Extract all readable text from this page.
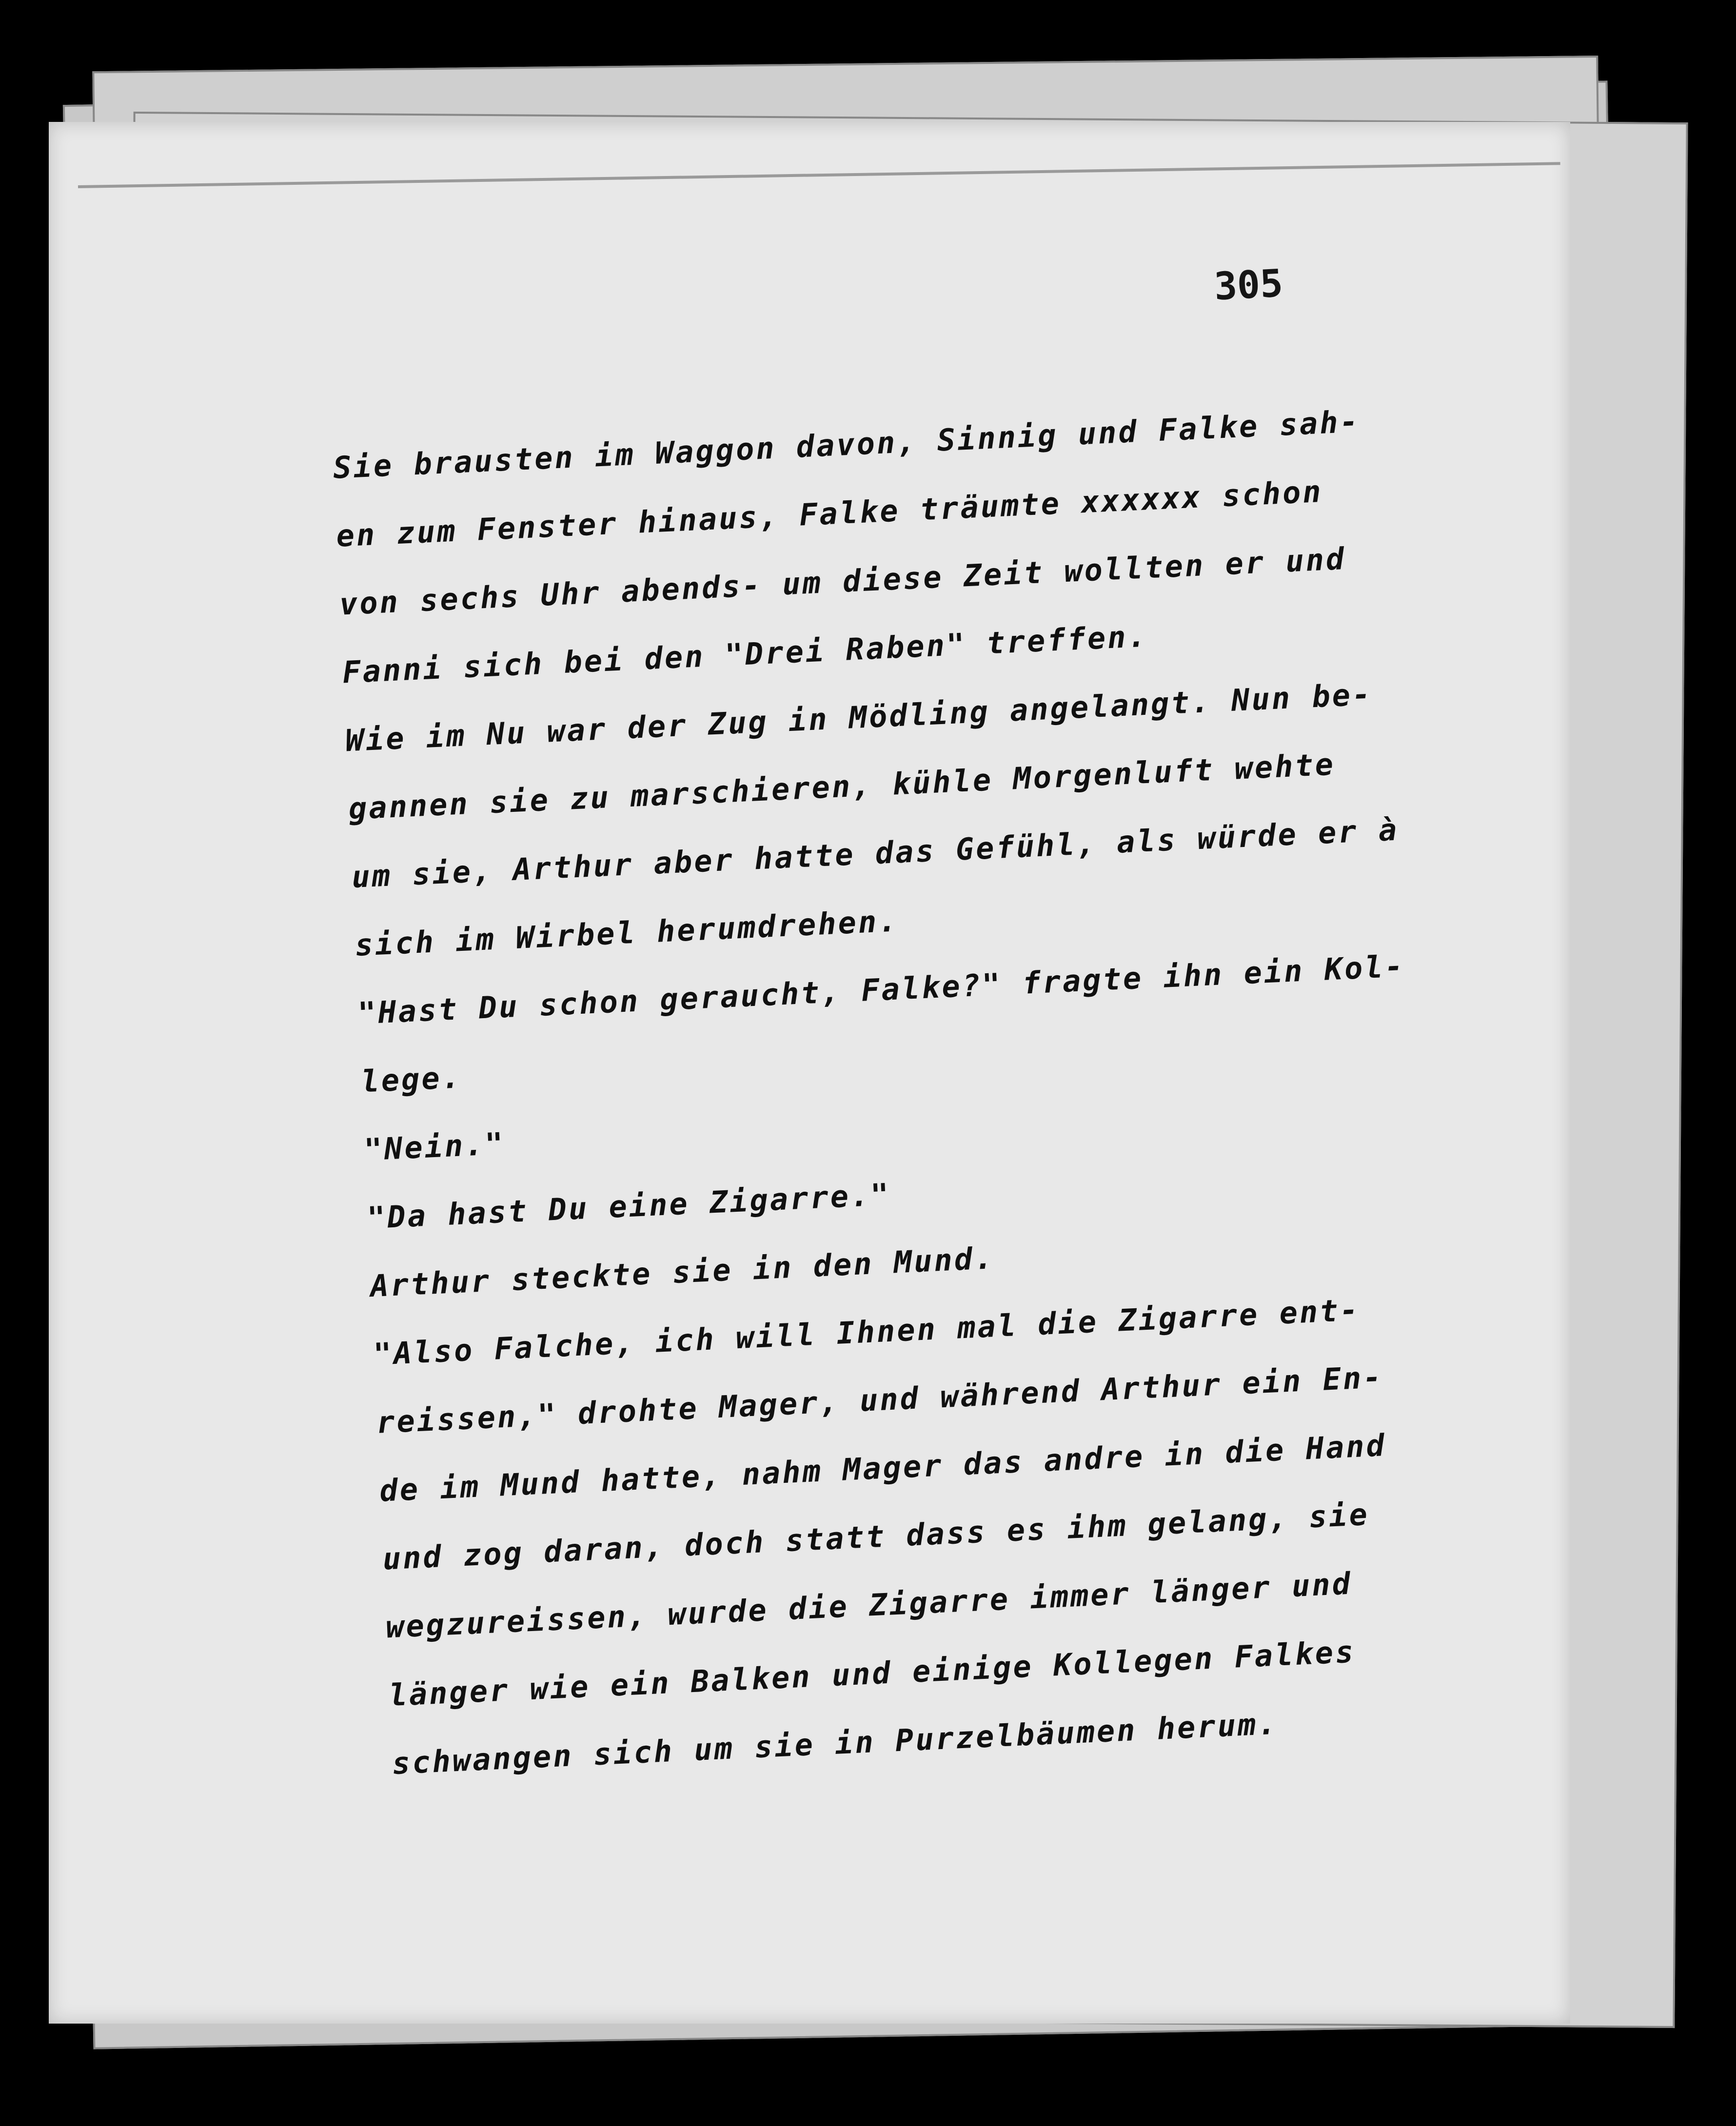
305
Sie brausten im Waggon davon, Sinnig und Falke sah-
en zum Fenster hinaus, Falke träumte xxxxxx schon
von sechs Uhr abends- um diese Zeit wollten er und
Fanni sich bei den "Drei Raben" treffen.
Wie im Nu war der Zug in Mödling angelangt. Nun be-
gannen sie zu marschieren, kühle Morgenluft wehte
um sie, Arthur aber hatte das Gefühl, als würde er à
sich im Wirbel herumdrehen.
"Hast Du schon geraucht, Falke?" fragte ihn ein Kol-
lege.
"Nein."
"Da hast Du eine Zigarre."
Arthur steckte sie in den Mund.
"Also Falche, ich will Ihnen mal die Zigarre ent-
reissen," drohte Mager, und während Arthur ein En-
de im Mund hatte, nahm Mager das andre in die Hand
und zog daran, doch statt dass es ihm gelang, sie
wegzureissen, wurde die Zigarre immer länger und
länger wie ein Balken und einige Kollegen Falkes
schwangen sich um sie in Purzelbäumen herum.
